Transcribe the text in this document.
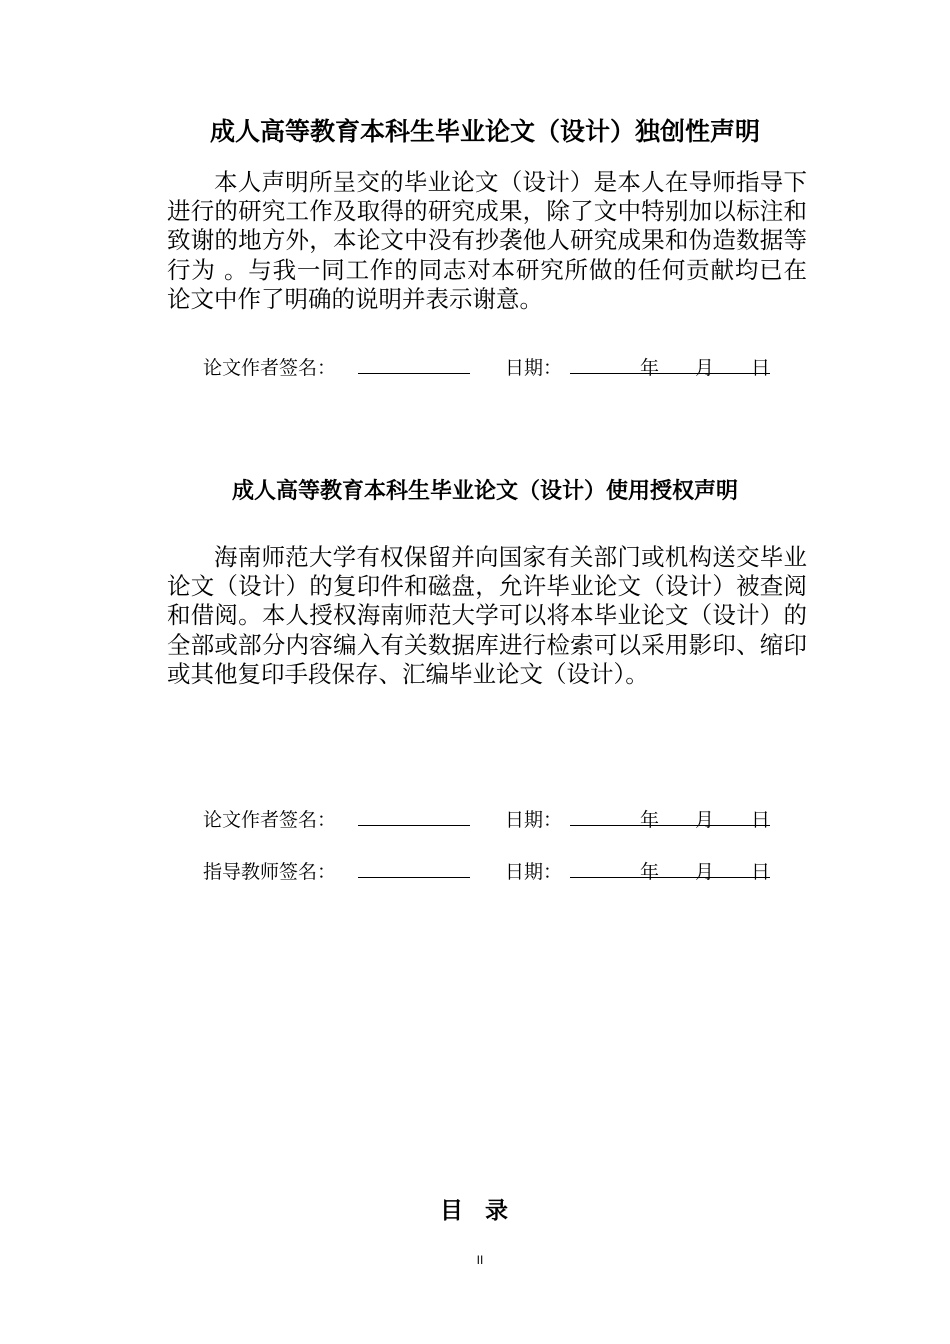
成人高等教育本科生毕业论文（设计）独创性声明

本人声明所呈交的毕业论文（设计）是本人在导师指导下进行的研究工作及取得的研究成果，除了文中特别加以标注和致谢的地方外，本论文中没有抄袭他人研究成果和伪造数据等行为 。与我一同工作的同志对本研究所做的任何贡献均已在论文中作了明确的说明并表示谢意。

论文作者签名：	日期：	年 月 日
成人高等教育本科生毕业论文（设计）使用授权声明

海南师范大学有权保留并向国家有关部门或机构送交毕业论文（设计）的复印件和磁盘，允许毕业论文（设计）被查阅和借阅。本人授权海南师范大学可以将本毕业论文（设计）的全部或部分内容编入有关数据库进行检索可以采用影印、缩印或其他复印手段保存、汇编毕业论文（设计）。

论文作者签名：	日期：	年 月 日
指导教师签名：	日期：	年 月 日
目录
II
